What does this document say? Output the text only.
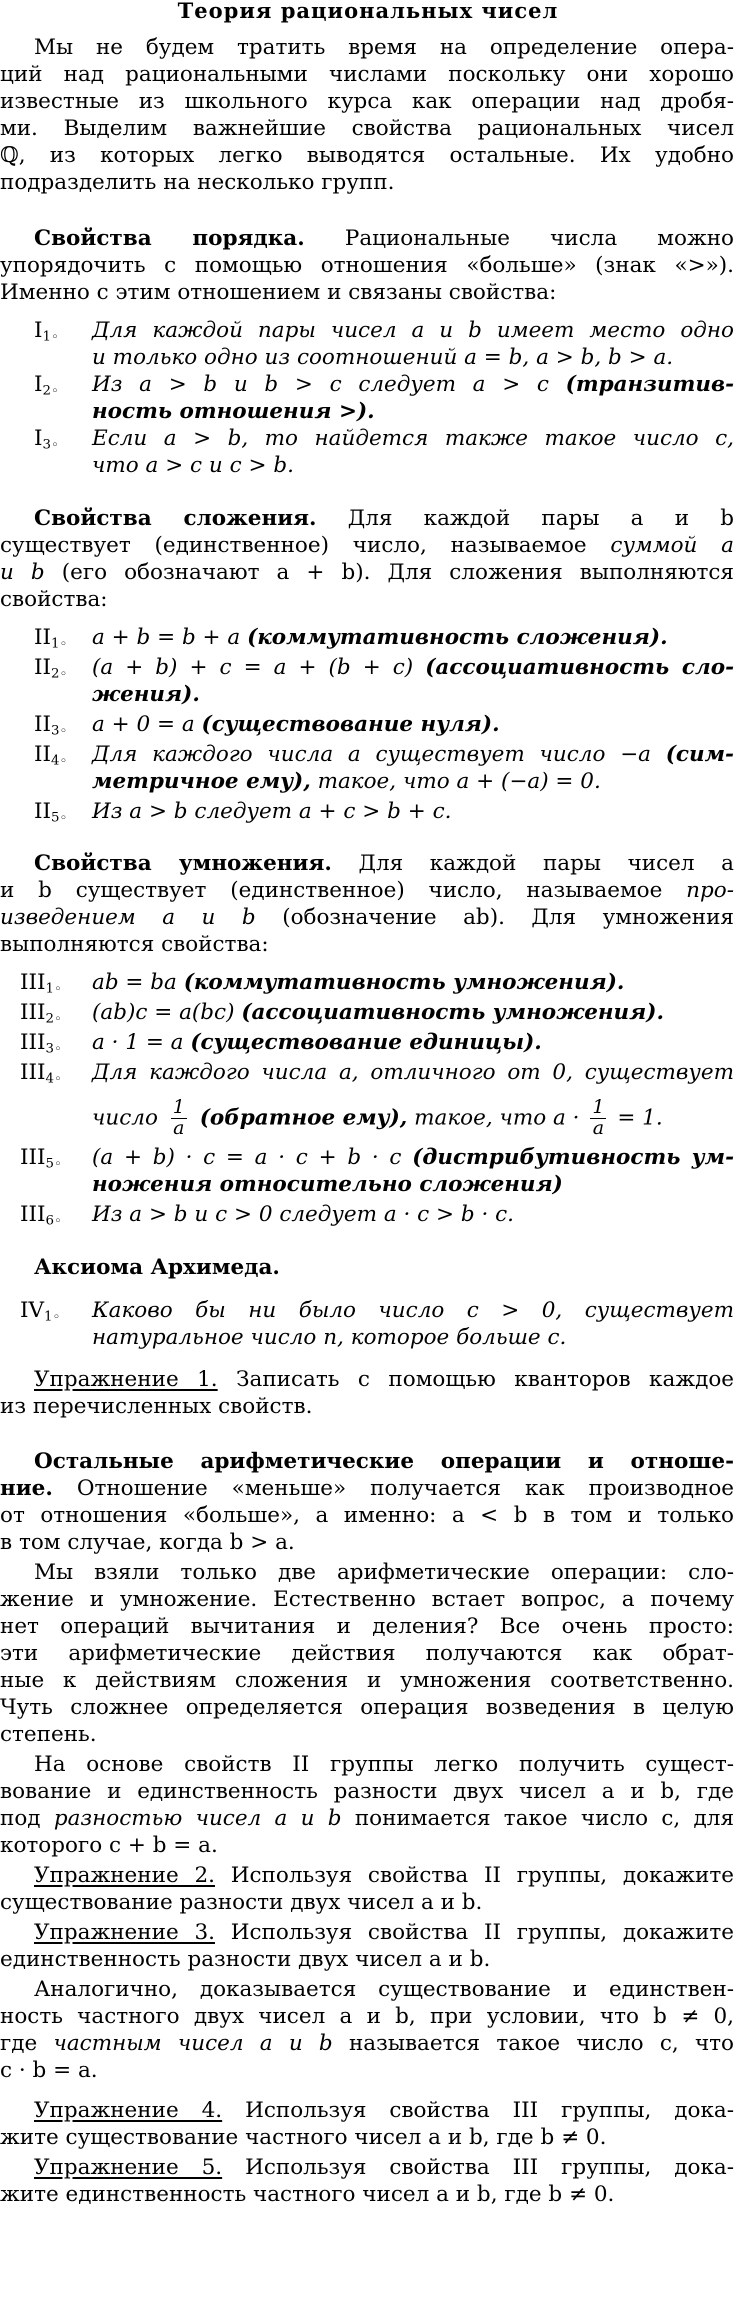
Теория рациональных чисел
Мы не будем тратить время на определение опера-
ций над рациональными числами поскольку они хорошо
известные из школьного курса как операции над дробя-
ми. Выделим важнейшие свойства рациональных чисел
ℚ, из которых легко выводятся остальные. Их удобно
подразделить на несколько групп.
Свойства порядка. Рациональные числа можно
упорядочить с помощью отношения «больше» (знак «>»).
Именно с этим отношением и связаны свойства:
$I_1◦$ Для каждой пары чисел a и b имеет место одно
и только одно из соотношений a = b, a > b, b > a.
$I_2◦$ Из a > b и b > c следует a > c (транзитив-
ность отношения >).
$I_3◦$ Если a > b, то найдется также такое число c,
что a > c и c > b.
Свойства сложения. Для каждой пары a и b
существует (единственное) число, называемое суммой a
и b (его обозначают a + b). Для сложения выполняются
свойства:
$II_1◦$ a + b = b + a (коммутативность сложения).
$II_2◦$ (a + b) + c = a + (b + c) (ассоциативность сло-
жения).
$II_3◦$ a + 0 = a (существование нуля).
$II_4◦$ Для каждого числа a существует число −a (сим-
метричное ему), такое, что a + (−a) = 0.
$II_5◦$ Из a > b следует a + c > b + c.
Свойства умножения. Для каждой пары чисел a
и b существует (единственное) число, называемое про-
изведением a и b (обозначение ab). Для умножения
выполняются свойства:
$III_1◦$ ab = ba (коммутативность умножения).
$III_2◦$ (ab)c = a(bc) (ассоциативность умножения).
$III_3◦$ a · 1 = a (существование единицы).
$III_4◦$ Для каждого числа a, отличного от 0, существует
число $\frac{1}{a}$ (обратное ему), такое, что $a \cdot \frac{1}{a} = 1$.
$III_5◦$ (a + b) · c = a · c + b · c (дистрибутивность ум-
ножения относительно сложения)
$III_6◦$ Из a > b и c > 0 следует a · c > b · c.
Аксиома Архимеда.
$IV_1◦$ Каково бы ни было число c > 0, существует
натуральное число n, которое больше c.
Упражнение 1. Записать с помощью кванторов каждое
из перечисленных свойств.
Остальные арифметические операции и отноше-
ние. Отношение «меньше» получается как производное
от отношения «больше», а именно: a < b в том и только
в том случае, когда b > a.
Мы взяли только две арифметические операции: сло-
жение и умножение. Естественно встает вопрос, а почему
нет операций вычитания и деления? Все очень просто:
эти арифметические действия получаются как обрат-
ные к действиям сложения и умножения соответственно.
Чуть сложнее определяется операция возведения в целую
степень.
На основе свойств II группы легко получить сущест-
вование и единственность разности двух чисел a и b, где
под разностью чисел a и b понимается такое число c, для
которого c + b = a.
Упражнение 2. Используя свойства II группы, докажите
существование разности двух чисел a и b.
Упражнение 3. Используя свойства II группы, докажите
единственность разности двух чисел a и b.
Аналогично, доказывается существование и единствен-
ность частного двух чисел a и b, при условии, что b ≠ 0,
где частным чисел a и b называется такое число c, что
c · b = a.
Упражнение 4. Используя свойства III группы, дока-
жите существование частного чисел a и b, где b ≠ 0.
Упражнение 5. Используя свойства III группы, дока-
жите единственность частного чисел a и b, где b ≠ 0.
